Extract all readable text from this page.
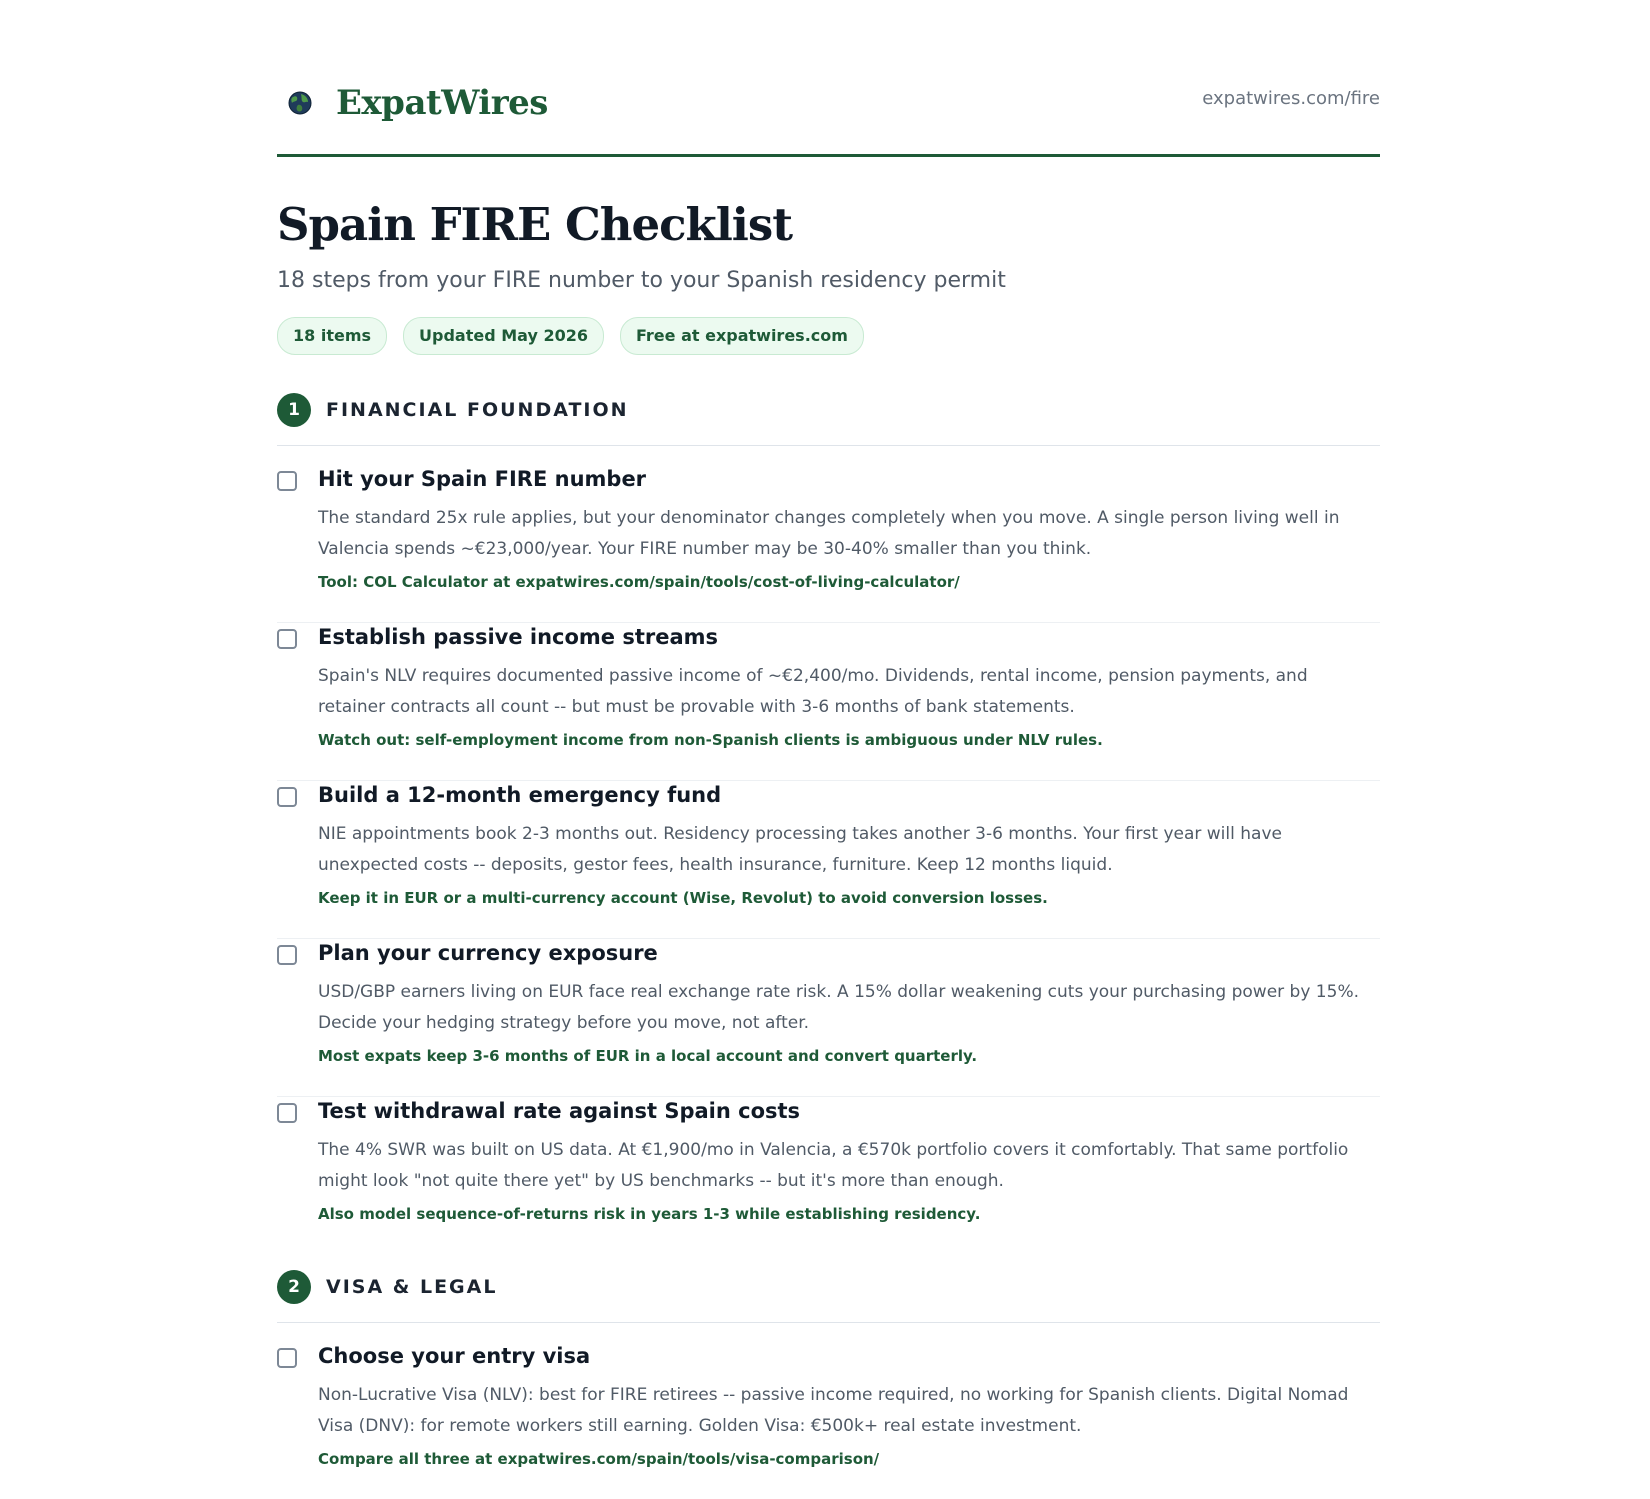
ExpatWires	expatwires.com/fire
Spain FIRE Checklist
18 steps from your FIRE number to your Spanish residency permit
18 items	Updated May 2026	Free at expatwires.com
1	FINANCIAL FOUNDATION
Hit your Spain FIRE number
The standard 25x rule applies, but your denominator changes completely when you move. A single person living well in Valencia spends ~€23,000/year. Your FIRE number may be 30-40% smaller than you think.
Tool: COL Calculator at expatwires.com/spain/tools/cost-of-living-calculator/
Establish passive income streams
Spain's NLV requires documented passive income of ~€2,400/mo. Dividends, rental income, pension payments, and retainer contracts all count -- but must be provable with 3-6 months of bank statements.
Watch out: self-employment income from non-Spanish clients is ambiguous under NLV rules.
Build a 12-month emergency fund
NIE appointments book 2-3 months out. Residency processing takes another 3-6 months. Your first year will have unexpected costs -- deposits, gestor fees, health insurance, furniture. Keep 12 months liquid.
Keep it in EUR or a multi-currency account (Wise, Revolut) to avoid conversion losses.
Plan your currency exposure
USD/GBP earners living on EUR face real exchange rate risk. A 15% dollar weakening cuts your purchasing power by 15%. Decide your hedging strategy before you move, not after.
Most expats keep 3-6 months of EUR in a local account and convert quarterly.
Test withdrawal rate against Spain costs
The 4% SWR was built on US data. At €1,900/mo in Valencia, a €570k portfolio covers it comfortably. That same portfolio might look "not quite there yet" by US benchmarks -- but it's more than enough.
Also model sequence-of-returns risk in years 1-3 while establishing residency.
2	VISA & LEGAL
Choose your entry visa
Non-Lucrative Visa (NLV): best for FIRE retirees -- passive income required, no working for Spanish clients. Digital Nomad Visa (DNV): for remote workers still earning. Golden Visa: €500k+ real estate investment.
Compare all three at expatwires.com/spain/tools/visa-comparison/
